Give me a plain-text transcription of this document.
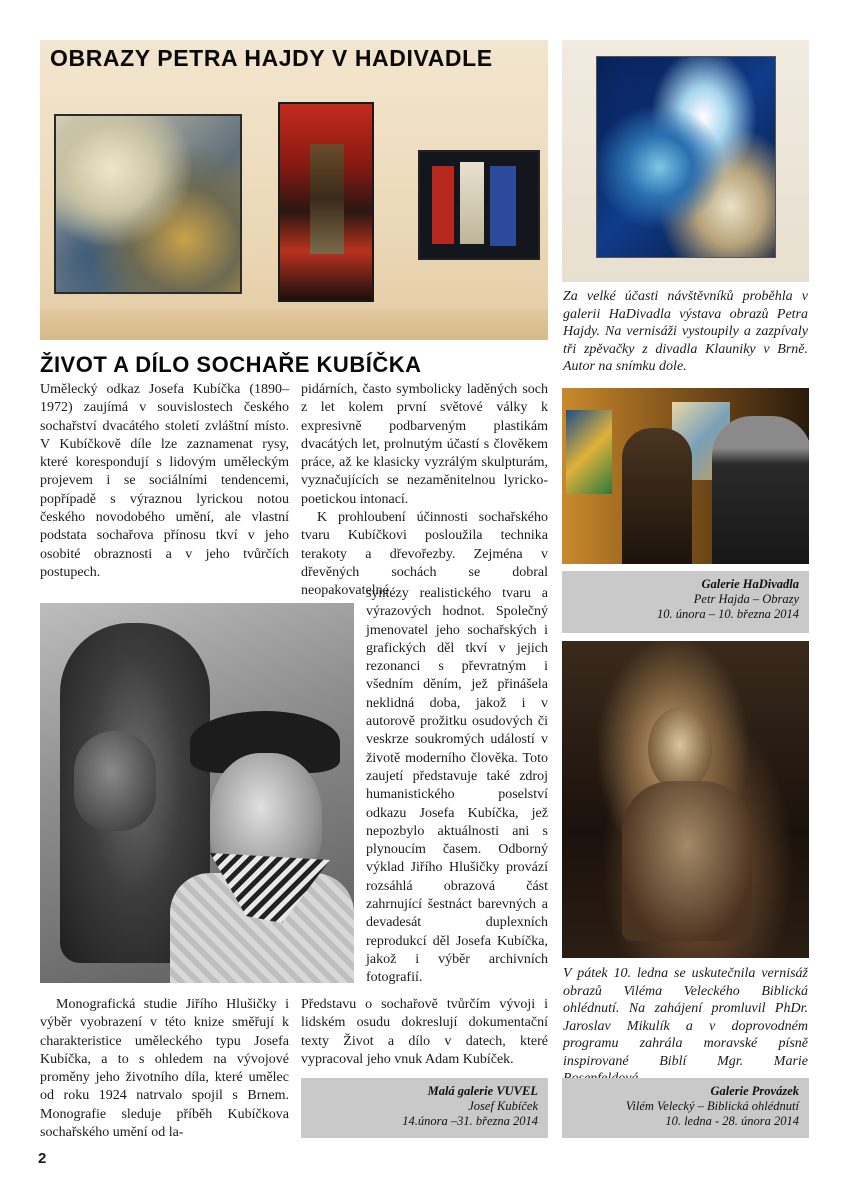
OBRAZY PETRA HAJDY V HADIVADLE
Za velké účasti návštěvníků proběhla v galerii HaDivadla výstava obrazů Petra Hajdy. Na vernisáži vystoupily a zazpívaly tři zpěvačky z divadla Klauniky v Brně. Autor na snímku dole.
ŽIVOT A DÍLO SOCHAŘE KUBÍČKA

Umělecký odkaz Josefa Kubíčka (1890–1972) zaujímá v souvislostech českého sochařství dvacátého století zvláštní místo. V Kubíčkově díle lze zaznamenat rysy, které korespondují s lidovým uměleckým projevem i se sociálními tendencemi, popřípadě s výraznou lyrickou notou českého novodobého umění, ale vlastní podstata sochařova přínosu tkví v jeho osobité obraznosti a v jeho tvůrčích postupech.

pidárních, často symbolicky laděných soch z let kolem první světové války k expresivně podbarveným plastikám dvacátých let, prolnutým účastí s člověkem práce, až ke klasicky vyzrálým skulpturám, vyznačujících se nezaměnitelnou lyricko-poetickou intonací.

K prohloubení účinnosti sochařského tvaru Kubíčkovi posloužila technika terakoty a dřevořezby. Zejména v dřevěných sochách se dobral neopakovatelné

syntézy realistického tvaru a výrazových hodnot. Společný jmenovatel jeho sochařských i grafických děl tkví v jejich rezonanci s převratným i všedním děním, jež přinášela neklidná doba, jakož i v autorově prožitku osudových či veskrze soukromých událostí v životě moderního člověka. Toto zaujetí představuje také zdroj humanistického poselství odkazu Josefa Kubíčka, jež nepozbylo aktuálnosti ani s plynoucím časem. Odborný výklad Jiřího Hlušičky provází rozsáhlá obrazová část zahrnující šestnáct barevných a devadesát duplexních reprodukcí děl Josefa Kubíčka, jakož i výběr archivních fotografií.

Monografická studie Jiřího Hlušičky i výběr vyobrazení v této knize směřují k charakteristice uměleckého typu Josefa Kubíčka, a to s ohledem na vývojové proměny jeho životního díla, které umělec od roku 1924 natrvalo spojil s Brnem. Monografie sleduje příběh Kubíčkova sochařského umění od la-

Představu o sochařově tvůrčím vývoji i lidském osudu dokreslují dokumentační texty Život a dílo v datech, které vypracoval jeho vnuk Adam Kubíček.

Malá galerie VUVEL
Josef Kubíček
14.února –31. března 2014
Galerie HaDivadla
Petr Hajda – Obrazy
10. února – 10. března 2014
V pátek 10. ledna se uskutečnila vernisáž obrazů Viléma Veleckého Biblická ohlédnutí. Na zahájení promluvil PhDr. Jaroslav Mikulík a v doprovodném programu zahrála moravské písně inspirované Biblí Mgr. Marie
Galerie Provázek
Vilém Velecký – Biblická ohlédnutí
10. ledna - 28. února 2014
2
